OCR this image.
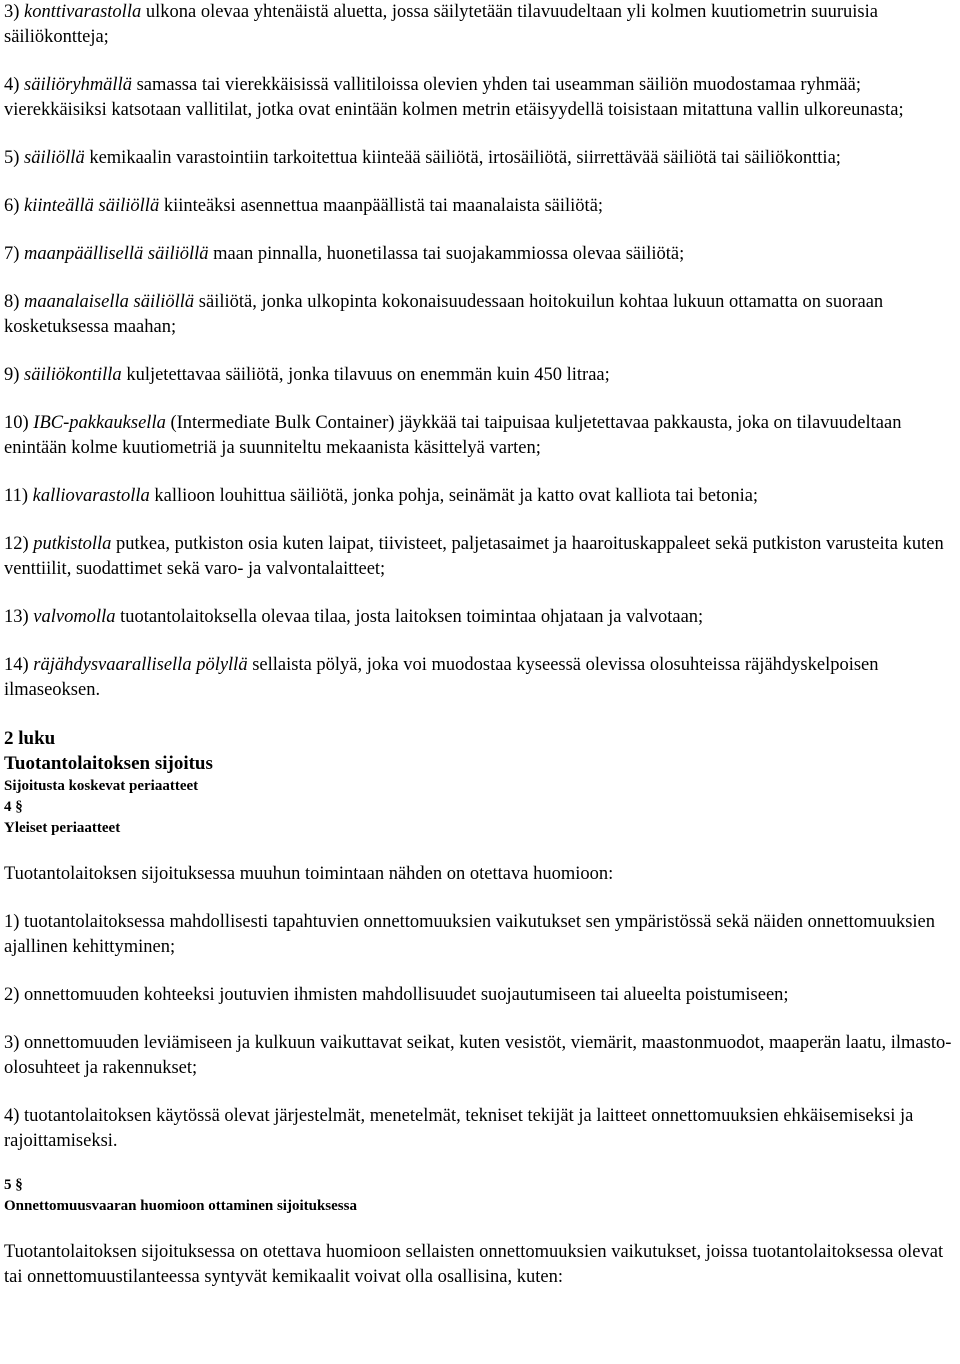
3) konttivarastolla ulkona olevaa yhtenäistä aluetta, jossa säilytetään tilavuudeltaan yli kolmen kuutiometrin suuruisia säiliökontteja;

4) säiliöryhmällä samassa tai vierekkäisissä vallitiloissa olevien yhden tai useamman säiliön muodostamaa ryhmää; vierekkäisiksi katsotaan vallitilat, jotka ovat enintään kolmen metrin etäisyydellä toisistaan mitattuna vallin ulkoreunasta;

5) säiliöllä kemikaalin varastointiin tarkoitettua kiinteää säiliötä, irtosäiliötä, siirrettävää säiliötä tai säiliökonttia;

6) kiinteällä säiliöllä kiinteäksi asennettua maanpäällistä tai maanalaista säiliötä;

7) maanpäällisellä säiliöllä maan pinnalla, huonetilassa tai suojakammiossa olevaa säiliötä;

8) maanalaisella säiliöllä säiliötä, jonka ulkopinta kokonaisuudessaan hoitokuilun kohtaa lukuun ottamatta on suoraan kosketuksessa maahan;

9) säiliökontilla kuljetettavaa säiliötä, jonka tilavuus on enemmän kuin 450 litraa;

10) IBC-pakkauksella (Intermediate Bulk Container) jäykkää tai taipuisaa kuljetettavaa pakkausta, joka on tilavuudeltaan enintään kolme kuutiometriä ja suunniteltu mekaanista käsittelyä varten;

11) kalliovarastolla kallioon louhittua säiliötä, jonka pohja, seinämät ja katto ovat kalliota tai betonia;

12) putkistolla putkea, putkiston osia kuten laipat, tiivisteet, paljetasaimet ja haaroituskappaleet sekä putkiston varusteita kuten venttiilit, suodattimet sekä varo- ja valvontalaitteet;

13) valvomolla tuotantolaitoksella olevaa tilaa, josta laitoksen toimintaa ohjataan ja valvotaan;

14) räjähdysvaarallisella pölyllä sellaista pölyä, joka voi muodostaa kyseessä olevissa olosuhteissa räjähdyskelpoisen ilmaseoksen.

2 luku

Tuotantolaitoksen sijoitus

Sijoitusta koskevat periaatteet

4 §

Yleiset periaatteet

Tuotantolaitoksen sijoituksessa muuhun toimintaan nähden on otettava huomioon:

1) tuotantolaitoksessa mahdollisesti tapahtuvien onnettomuuksien vaikutukset sen ympäristössä sekä näiden onnettomuuksien ajallinen kehittyminen;

2) onnettomuuden kohteeksi joutuvien ihmisten mahdollisuudet suojautumiseen tai alueelta poistumiseen;

3) onnettomuuden leviämiseen ja kulkuun vaikuttavat seikat, kuten vesistöt, viemärit, maastonmuodot, maaperän laatu, ilmasto-olosuhteet ja rakennukset;

4) tuotantolaitoksen käytössä olevat järjestelmät, menetelmät, tekniset tekijät ja laitteet onnettomuuksien ehkäisemiseksi ja rajoittamiseksi.

5 §

Onnettomuusvaaran huomioon ottaminen sijoituksessa

Tuotantolaitoksen sijoituksessa on otettava huomioon sellaisten onnettomuuksien vaikutukset, joissa tuotantolaitoksessa olevat tai onnettomuustilanteessa syntyvät kemikaalit voivat olla osallisina, kuten:
